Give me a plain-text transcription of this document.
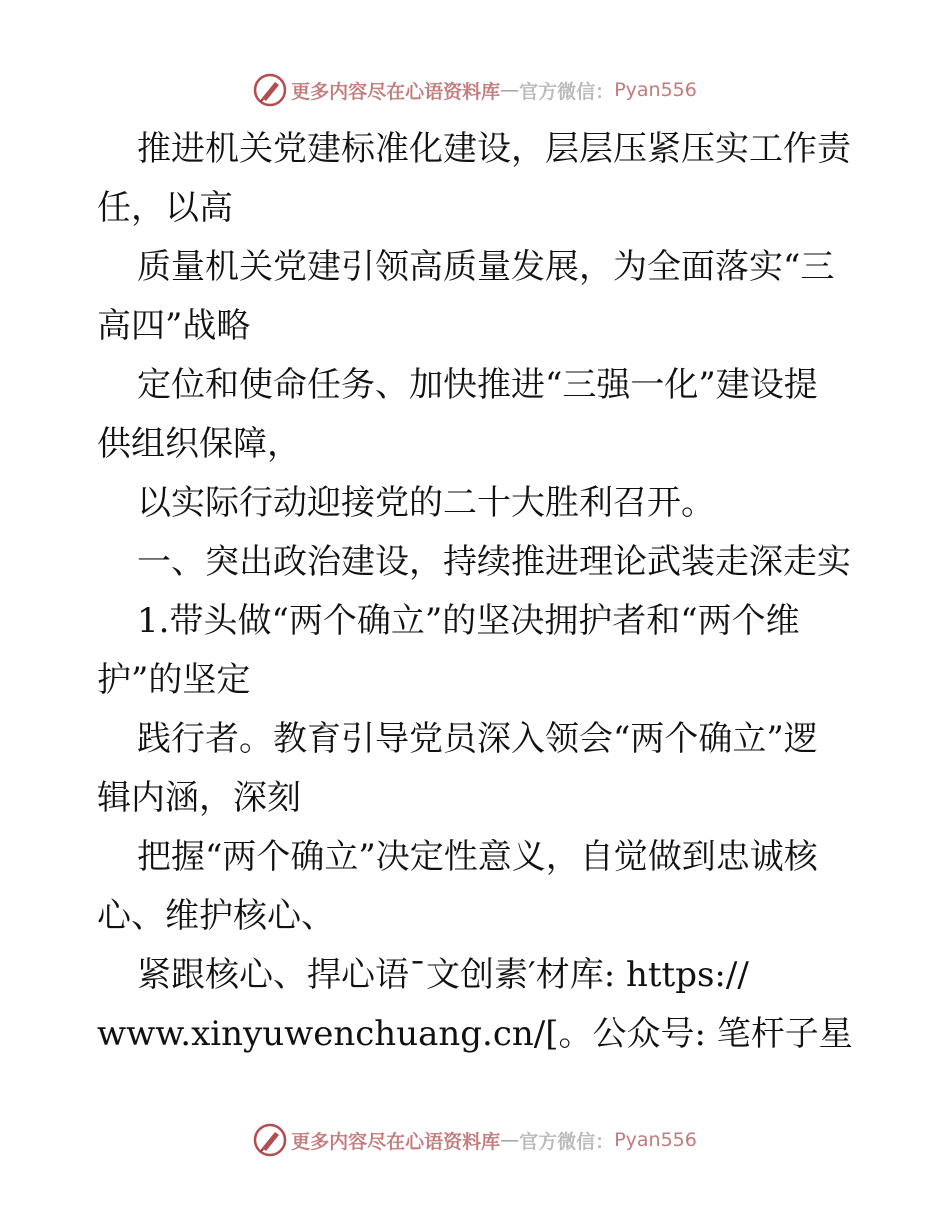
更多内容尽在心语资料库 — 官方微信： Pyan556
推进机关党建标准化建设，层层压紧压实工作责
任，以高
质量机关党建引领高质量发展，为全面落实“三
高四”战略
定位和使命任务、加快推进“三强一化”建设提
供组织保障，
以实际行动迎接党的二十大胜利召开。
一、突出政治建设，持续推进理论武装走深走实
1.带头做“两个确立”的坚决拥护者和“两个维
护”的坚定
践行者。教育引导党员深入领会“两个确立”逻
辑内涵，深刻
把握“两个确立”决定性意义，自觉做到忠诚核
心、维护核心、
紧跟核心、捍心语¯文创素′材库: https://
www.xinyuwenchuang.cn/[。公众号: 笔杆子星
更多内容尽在心语资料库 — 官方微信： Pyan556
